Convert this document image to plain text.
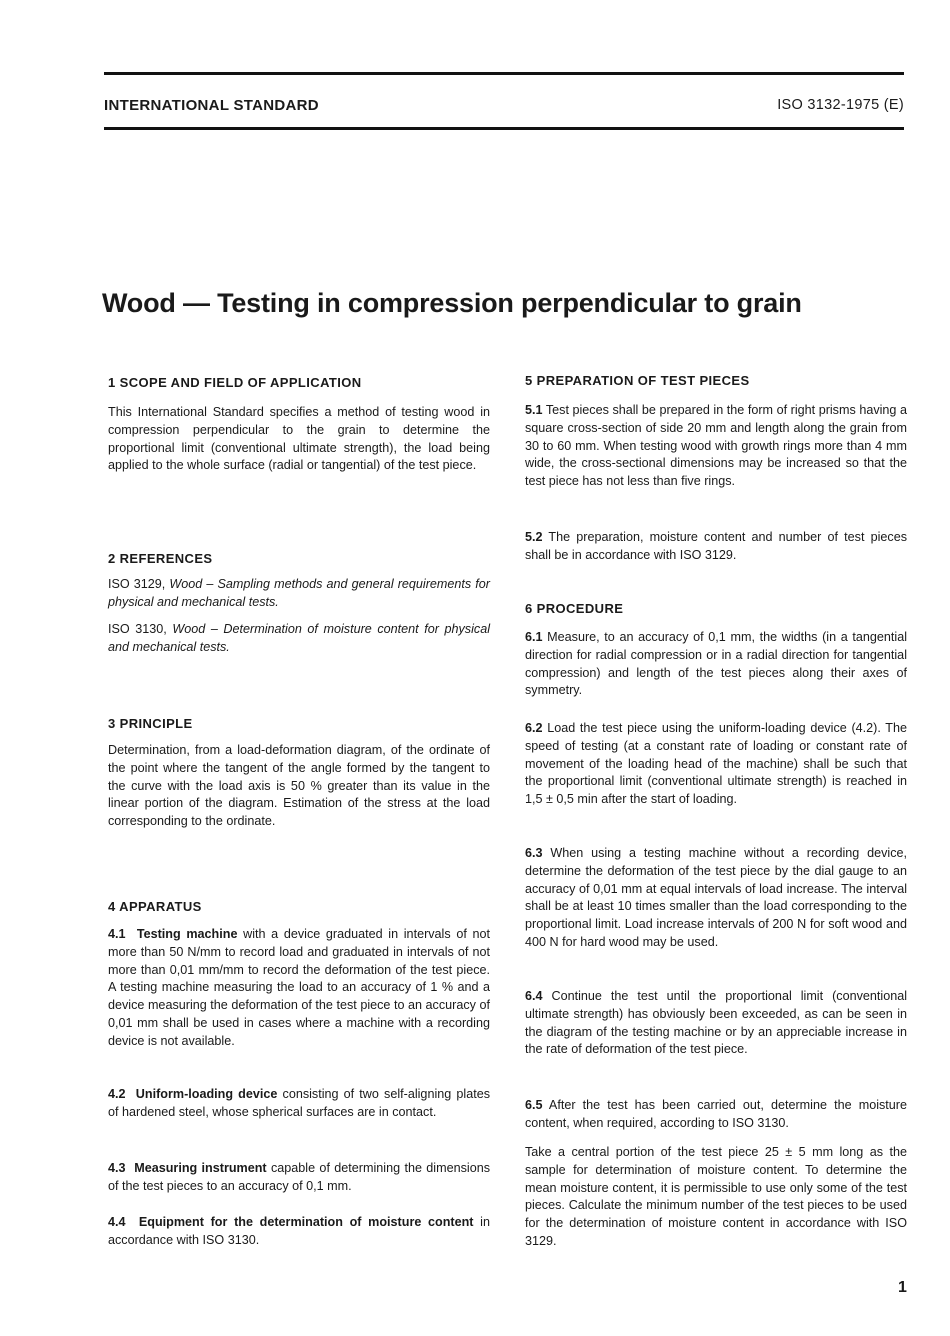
INTERNATIONAL STANDARD	ISO 3132-1975 (E)
Wood — Testing in compression perpendicular to grain
1 SCOPE AND FIELD OF APPLICATION
This International Standard specifies a method of testing wood in compression perpendicular to the grain to determine the proportional limit (conventional ultimate strength), the load being applied to the whole surface (radial or tangential) of the test piece.
2 REFERENCES
ISO 3129, Wood – Sampling methods and general requirements for physical and mechanical tests.
ISO 3130, Wood – Determination of moisture content for physical and mechanical tests.
3 PRINCIPLE
Determination, from a load-deformation diagram, of the ordinate of the point where the tangent of the angle formed by the tangent to the curve with the load axis is 50 % greater than its value in the linear portion of the diagram. Estimation of the stress at the load corresponding to the ordinate.
4 APPARATUS
4.1 Testing machine with a device graduated in intervals of not more than 50 N/mm to record load and graduated in intervals of not more than 0,01 mm/mm to record the deformation of the test piece. A testing machine measuring the load to an accuracy of 1 % and a device measuring the deformation of the test piece to an accuracy of 0,01 mm shall be used in cases where a machine with a recording device is not available.
4.2 Uniform-loading device consisting of two self-aligning plates of hardened steel, whose spherical surfaces are in contact.
4.3 Measuring instrument capable of determining the dimensions of the test pieces to an accuracy of 0,1 mm.
4.4 Equipment for the determination of moisture content in accordance with ISO 3130.
5 PREPARATION OF TEST PIECES
5.1 Test pieces shall be prepared in the form of right prisms having a square cross-section of side 20 mm and length along the grain from 30 to 60 mm. When testing wood with growth rings more than 4 mm wide, the cross-sectional dimensions may be increased so that the test piece has not less than five rings.
5.2 The preparation, moisture content and number of test pieces shall be in accordance with ISO 3129.
6 PROCEDURE
6.1 Measure, to an accuracy of 0,1 mm, the widths (in a tangential direction for radial compression or in a radial direction for tangential compression) and length of the test pieces along their axes of symmetry.
6.2 Load the test piece using the uniform-loading device (4.2). The speed of testing (at a constant rate of loading or constant rate of movement of the loading head of the machine) shall be such that the proportional limit (conventional ultimate strength) is reached in 1,5 ± 0,5 min after the start of loading.
6.3 When using a testing machine without a recording device, determine the deformation of the test piece by the dial gauge to an accuracy of 0,01 mm at equal intervals of load increase. The interval shall be at least 10 times smaller than the load corresponding to the proportional limit. Load increase intervals of 200 N for soft wood and 400 N for hard wood may be used.
6.4 Continue the test until the proportional limit (conventional ultimate strength) has obviously been exceeded, as can be seen in the diagram of the testing machine or by an appreciable increase in the rate of deformation of the test piece.
6.5 After the test has been carried out, determine the moisture content, when required, according to ISO 3130.
Take a central portion of the test piece 25 ± 5 mm long as the sample for determination of moisture content. To determine the mean moisture content, it is permissible to use only some of the test pieces. Calculate the minimum number of the test pieces to be used for the determination of moisture content in accordance with ISO 3129.
1
